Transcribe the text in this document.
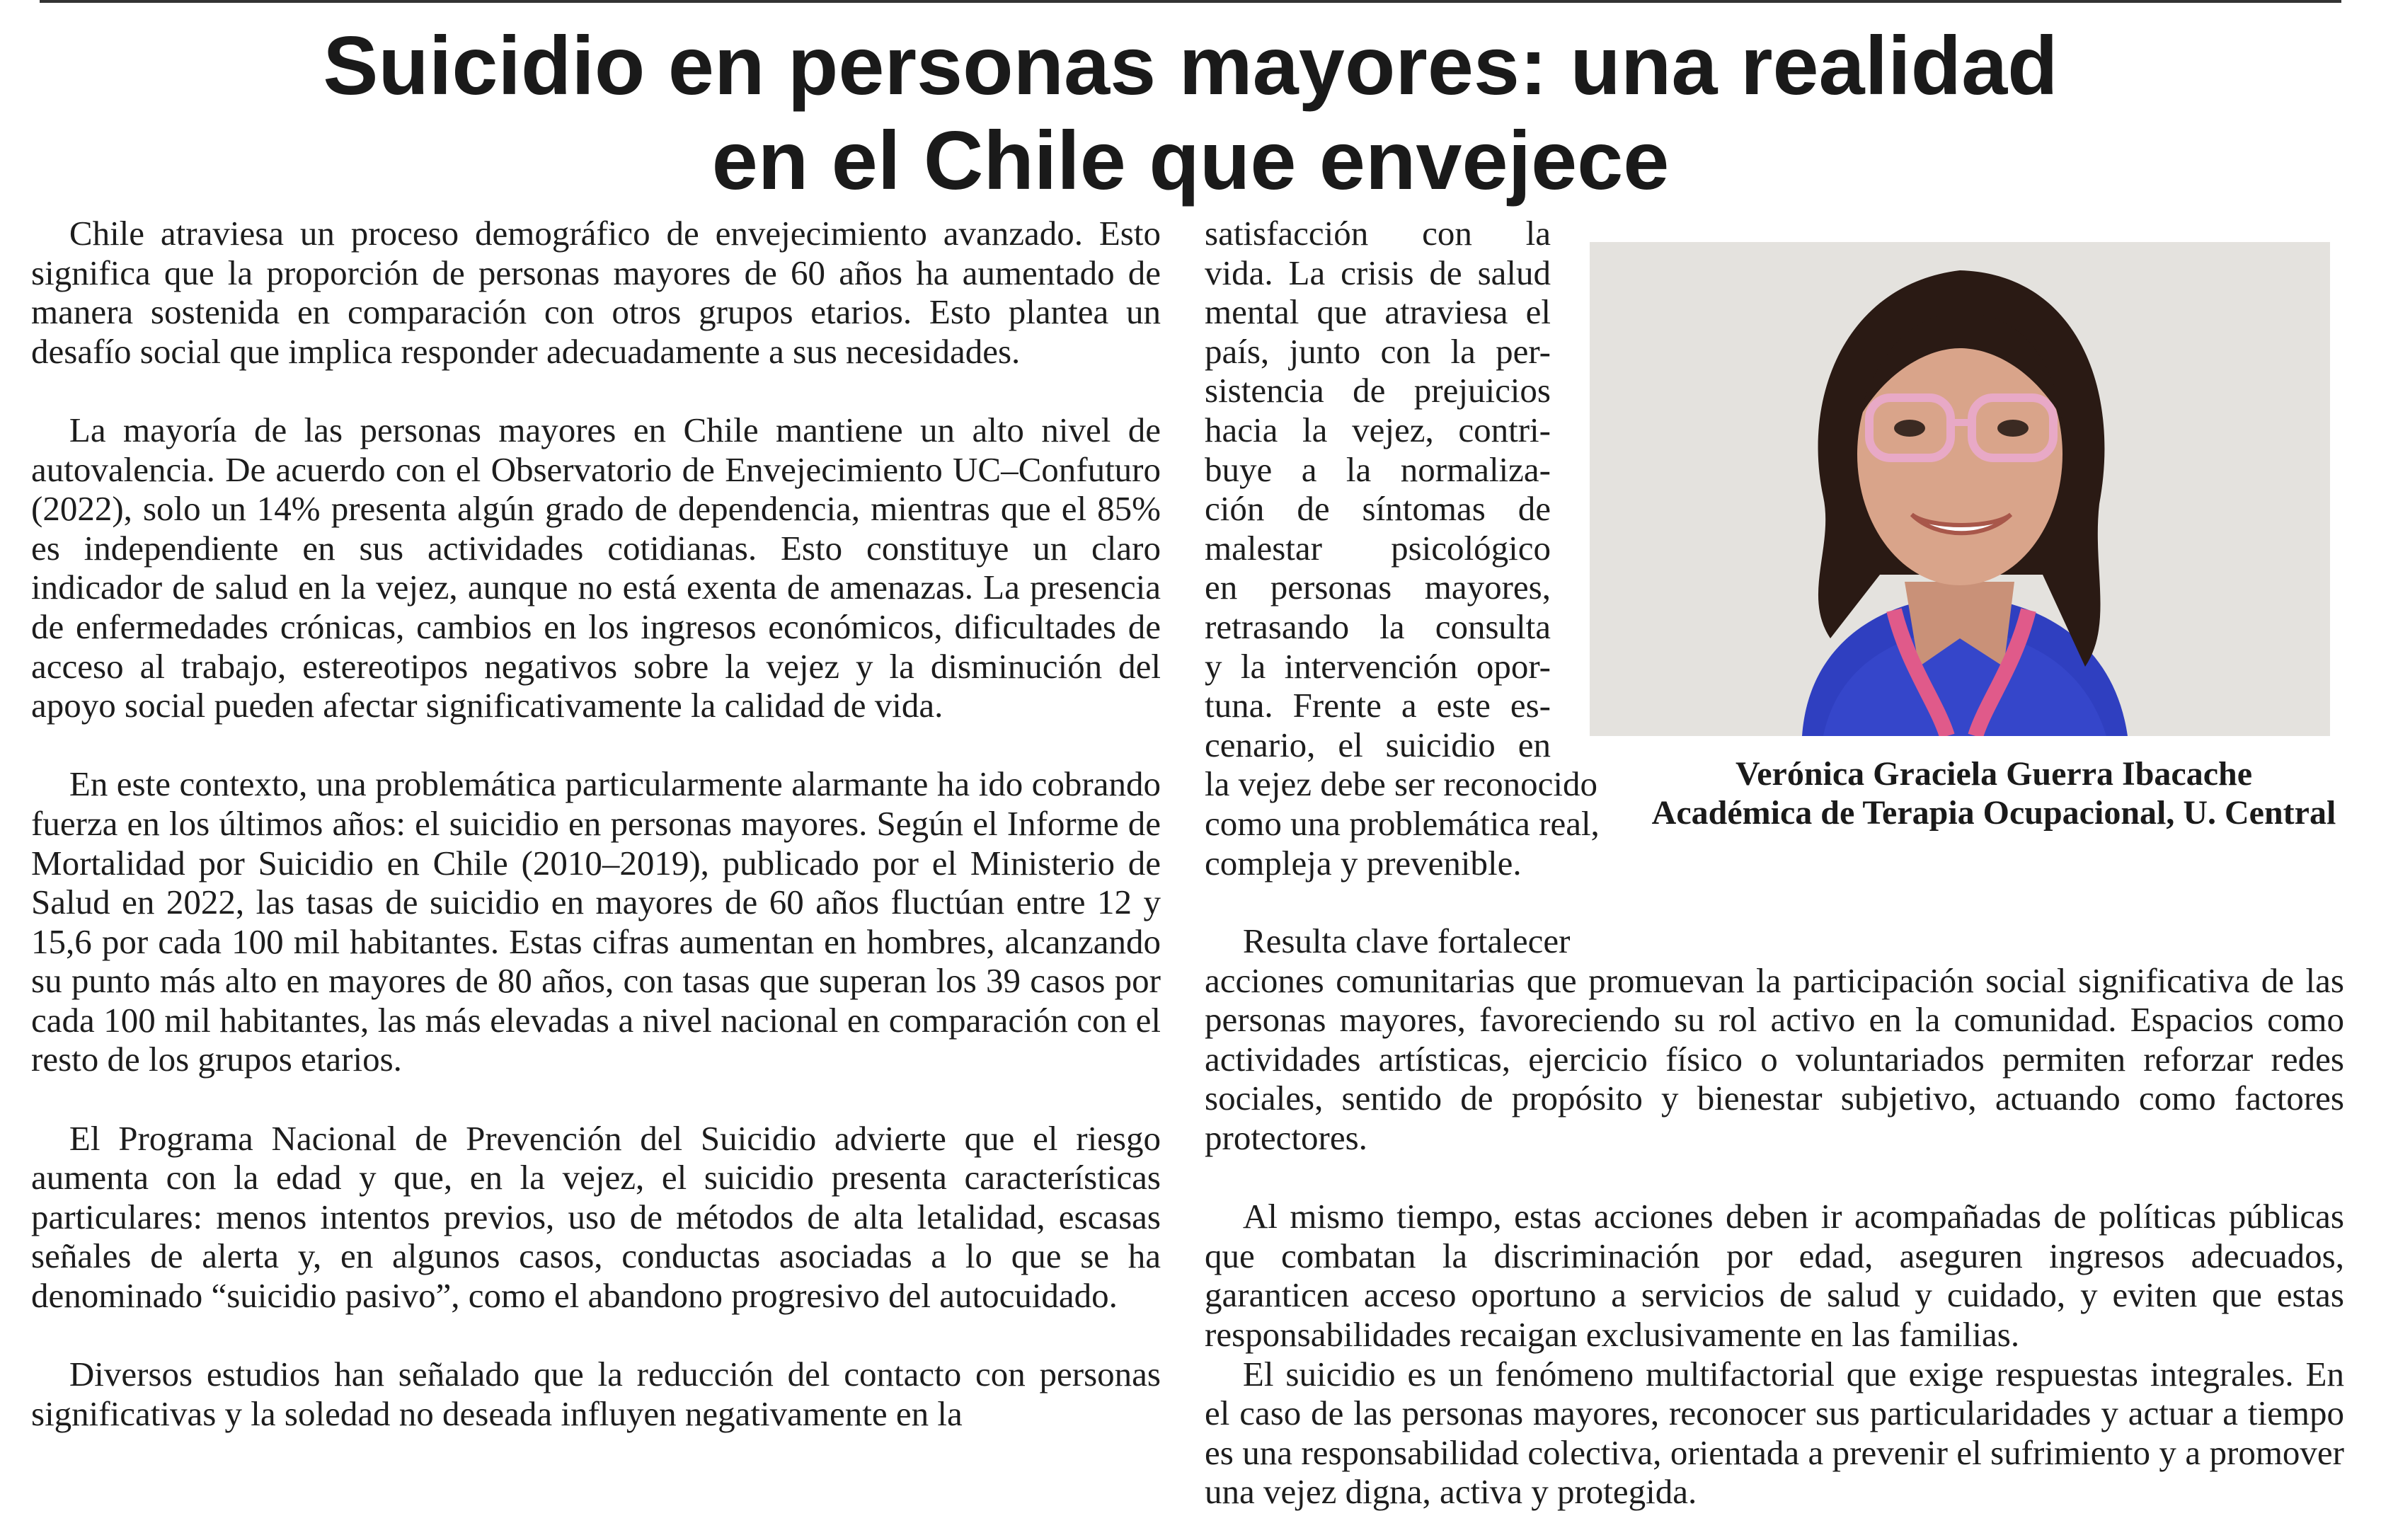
Suicidio en personas mayores: una realidad
en el Chile que envejece

Chile atraviesa un proceso demográfico de envejecimiento avanzado. Esto significa que la proporción de personas mayores de 60 años ha aumentado de manera sostenida en comparación con otros grupos etarios. Esto plantea un desafío social que implica responder adecuadamente a sus necesidades.

La mayoría de las personas mayores en Chile mantiene un alto nivel de autovalencia. De acuerdo con el Observatorio de Envejecimiento UC–Confuturo (2022), solo un 14% presenta algún grado de dependencia, mientras que el 85% es independiente en sus actividades cotidianas. Esto constituye un claro indicador de salud en la vejez, aunque no está exenta de amenazas. La presencia de enfermedades crónicas, cambios en los ingresos económicos, dificultades de acceso al trabajo, estereotipos negativos sobre la vejez y la disminución del apoyo social pueden afectar significativamente la calidad de vida.

En este contexto, una problemática particularmente alarmante ha ido cobrando fuerza en los últimos años: el suicidio en personas mayores. Según el Informe de Mortalidad por Suicidio en Chile (2010–2019), publicado por el Ministerio de Salud en 2022, las tasas de suicidio en mayores de 60 años fluctúan entre 12 y 15,6 por cada 100 mil habitantes. Estas cifras aumentan en hombres, alcanzando su punto más alto en mayores de 80 años, con tasas que superan los 39 casos por cada 100 mil habitantes, las más elevadas a nivel nacional en comparación con el resto de los grupos etarios.

El Programa Nacional de Prevención del Suicidio advierte que el riesgo aumenta con la edad y que, en la vejez, el suicidio presenta características particulares: menos intentos previos, uso de métodos de alta letalidad, escasas señales de alerta y, en algunos casos, conductas asociadas a lo que se ha denominado “suicidio pasivo”, como el abandono progresivo del autocuidado.

Diversos estudios han señalado que la reducción del contacto con personas significativas y la soledad no deseada influyen negativamente en la

satisfacción con la
vida. La crisis de salud
mental que atraviesa el
país, junto con la per-
sistencia de prejuicios
hacia la vejez, contri-
buye a la normaliza-
ción de síntomas de
malestar psicológico
en personas mayores,
retrasando la consulta
y la intervención opor-
tuna. Frente a este es-
cenario, el suicidio en
la vejez debe ser reconocido
como una problemática real,
compleja y prevenible.

Resulta clave fortalecer
acciones comunitarias que promuevan la participación social significativa de las personas mayores, favoreciendo su rol activo en la comunidad. Espacios como actividades artísticas, ejercicio físico o voluntariados permiten reforzar redes sociales, sentido de propósito y bienestar subjetivo, actuando como factores protectores.

Al mismo tiempo, estas acciones deben ir acompañadas de políticas públicas que combatan la discriminación por edad, aseguren ingresos adecuados, garanticen acceso oportuno a servicios de salud y cuidado, y eviten que estas responsabilidades recaigan exclusivamente en las familias.

El suicidio es un fenómeno multifactorial que exige respuestas integrales. En el caso de las personas mayores, reconocer sus particularidades y actuar a tiempo es una responsabilidad colectiva, orientada a prevenir el sufrimiento y a promover una vejez digna, activa y protegida.

Verónica Graciela Guerra Ibacache
Académica de Terapia Ocupacional, U. Central
